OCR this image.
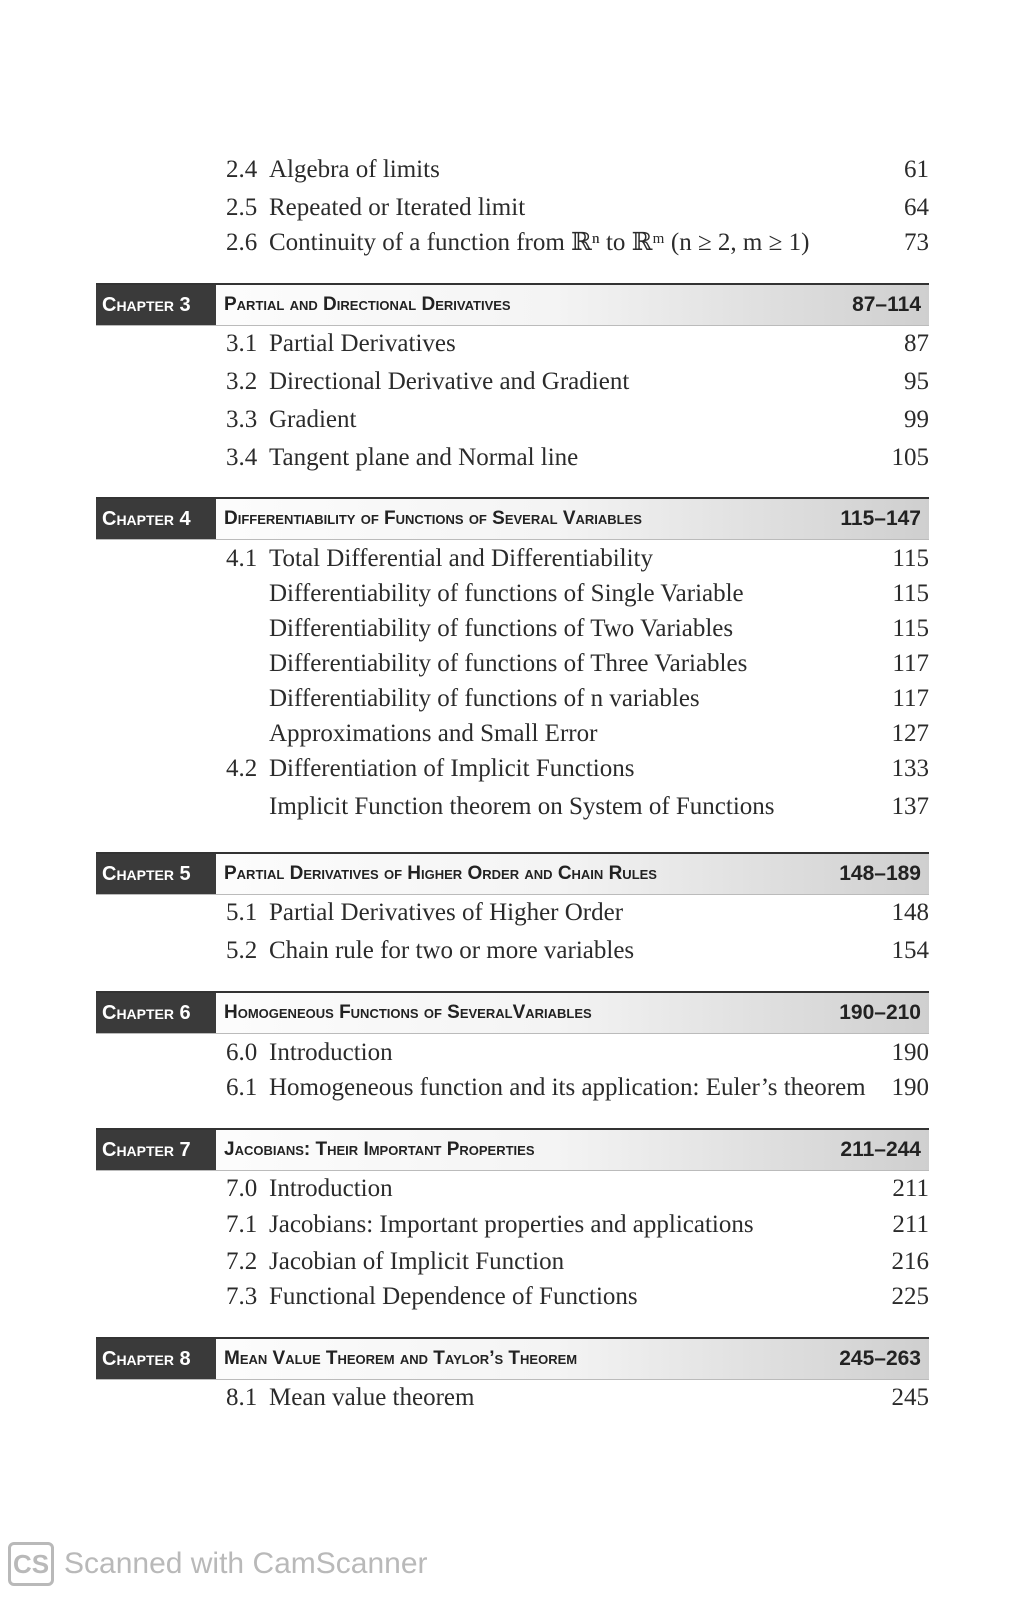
2.4 Algebra of limits	61
2.5 Repeated or Iterated limit	64
2.6 Continuity of a function from ℝⁿ to ℝᵐ (n ≥ 2, m ≥ 1)	73
Chapter 3	Partial and Directional Derivatives	87–114
3.1 Partial Derivatives	87
3.2 Directional Derivative and Gradient	95
3.3 Gradient	99
3.4 Tangent plane and Normal line	105
Chapter 4	Differentiability of Functions of Several Variables	115–147
4.1 Total Differential and Differentiability	115
Differentiability of functions of Single Variable	115
Differentiability of functions of Two Variables	115
Differentiability of functions of Three Variables	117
Differentiability of functions of n variables	117
Approximations and Small Error	127
4.2 Differentiation of Implicit Functions	133
Implicit Function theorem on System of Functions	137
Chapter 5	Partial Derivatives of Higher Order and Chain Rules	148–189
5.1 Partial Derivatives of Higher Order	148
5.2 Chain rule for two or more variables	154
Chapter 6	Homogeneous Functions of SeveralVariables	190–210
6.0 Introduction	190
6.1 Homogeneous function and its application: Euler’s theorem 190
Chapter 7	Jacobians: Their Important Properties	211–244
7.0 Introduction	211
7.1 Jacobians: Important properties and applications	211
7.2 Jacobian of Implicit Function	216
7.3 Functional Dependence of Functions	225
Chapter 8	Mean Value Theorem and Taylor’s Theorem	245–263
8.1 Mean value theorem	245
CS Scanned with CamScanner
